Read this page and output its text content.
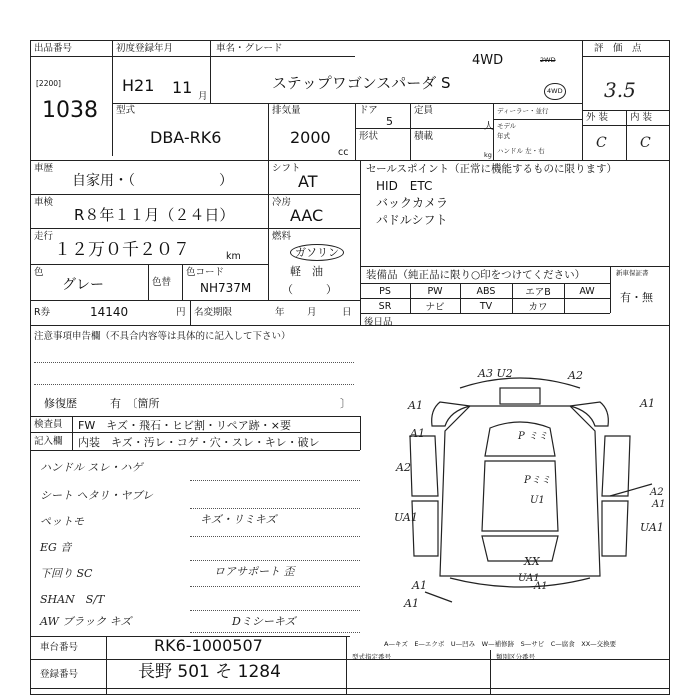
出品番号
[2200]
1038
初度登録年月
H21 11 月
車名・グレード
4WD
ステップワゴンスパーダ S
2WD
4WD
評　価　点
3.5
型式
DBA-RK6
排気量
2000
cc
ドア
5
形状
定員
人
積載
kg
ディーラー・並行
モデル
年式
ハンドル 左・右
外 装 内 装
C C
車歴
自家用・（　　　　　　）
シフト
AT
車検
R８年１１月（２４日）
冷房
AAC
走行
１２万０千２０７	km
燃料
ガソリン
軽　油
（　　　）
色
グレー	色替
色コード
NH737M
R券	14140	円 名変期限	年 月	日
セールスポイント（正常に機能するものに限ります）
HID　ETC
バックカメラ
パドルシフト
装備品（純正品に限り○印をつけてください）
PS	PW	ABS	エアB	AW
SR	ナビ	TV	カワ
新車保証書
有・無
後日品
注意事項申告欄（不具合内容等は具体的に記入して下さい）
修復歴	有　〔箇所	〕
検査員
記入欄
FW　キズ・飛石・ヒビ割・リペア跡・×要
内装　キズ・汚レ・コゲ・穴・スレ・キレ・破レ
ハンドル スレ・ハゲ
シート ヘタリ・ヤブレ
ペットモ	キズ・リミキズ
EG 音
下回り SC	ロアサポート 歪
SHAN　S/T
AW ブラック キズ	Dミシーキズ
A3 U2	A2
A1	A1
A2
A1
UA1
P ミミ
Pミミ
U1
A2
A1
UA1
XX
UA1
A1	A1
A1
A—キズ　E—エクボ　U—凹み　W—補修跡　S—サビ　C—腐食　XX—交換要
車台番号	RK6-1000507
登録番号	長野 501 そ 1284
型式指定番号	類別区分番号
